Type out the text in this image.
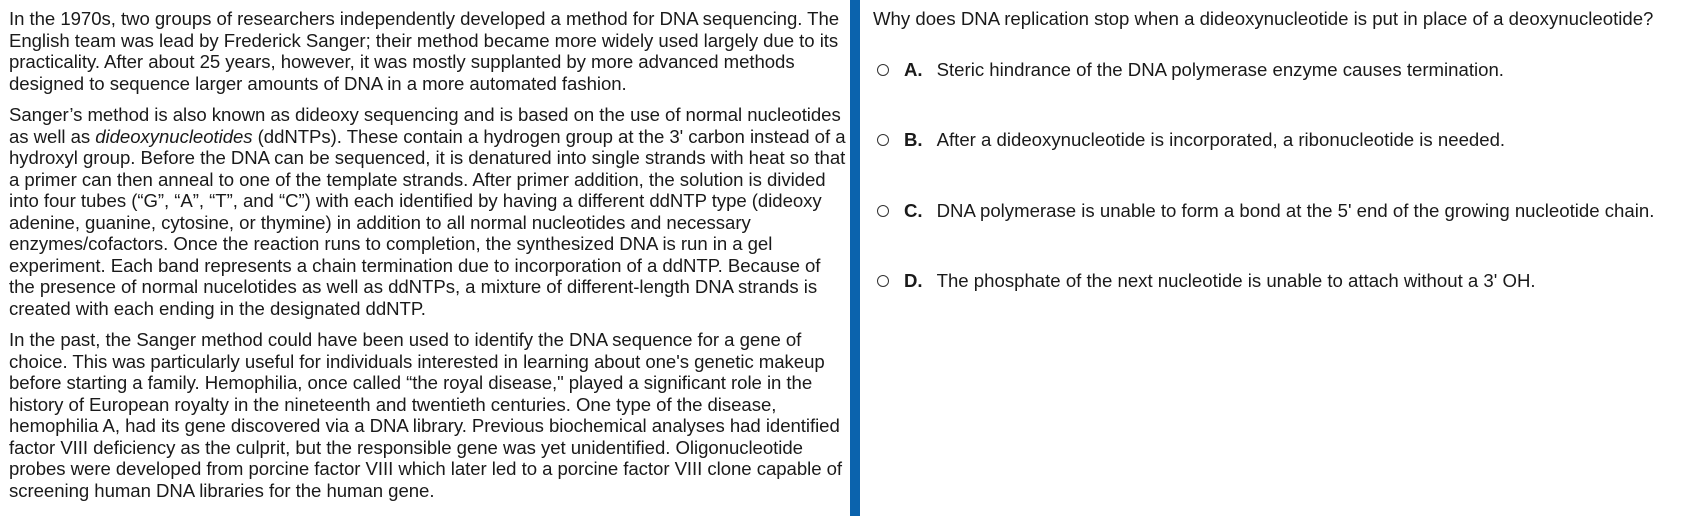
In the 1970s, two groups of researchers independently developed a method for DNA sequencing. The English team was lead by Frederick Sanger; their method became more widely used largely due to its practicality. After about 25 years, however, it was mostly supplanted by more advanced methods designed to sequence larger amounts of DNA in a more automated fashion.

Sanger’s method is also known as dideoxy sequencing and is based on the use of normal nucleotides as well as dideoxynucleotides (ddNTPs). These contain a hydrogen group at the 3' carbon instead of a hydroxyl group. Before the DNA can be sequenced, it is denatured into single strands with heat so that a primer can then anneal to one of the template strands. After primer addition, the solution is divided into four tubes (“G”, “A”, “T”, and “C”) with each identified by having a different ddNTP type (dideoxy adenine, guanine, cytosine, or thymine) in addition to all normal nucleotides and necessary enzymes/cofactors. Once the reaction runs to completion, the synthesized DNA is run in a gel experiment. Each band represents a chain termination due to incorporation of a ddNTP. Because of the presence of normal nucelotides as well as ddNTPs, a mixture of different-length DNA strands is created with each ending in the designated ddNTP.

In the past, the Sanger method could have been used to identify the DNA sequence for a gene of choice. This was particularly useful for individuals interested in learning about one's genetic makeup before starting a family. Hemophilia, once called “the royal disease," played a significant role in the history of European royalty in the nineteenth and twentieth centuries. One type of the disease, hemophilia A, had its gene discovered via a DNA library. Previous biochemical analyses had identified factor VIII deficiency as the culprit, but the responsible gene was yet unidentified. Oligonucleotide probes were developed from porcine factor VIII which later led to a porcine factor VIII clone capable of screening human DNA libraries for the human gene.

Why does DNA replication stop when a dideoxynucleotide is put in place of a deoxynucleotide?

A. Steric hindrance of the DNA polymerase enzyme causes termination.
B. After a dideoxynucleotide is incorporated, a ribonucleotide is needed.
C. DNA polymerase is unable to form a bond at the 5' end of the growing nucleotide chain.
D. The phosphate of the next nucleotide is unable to attach without a 3' OH.
